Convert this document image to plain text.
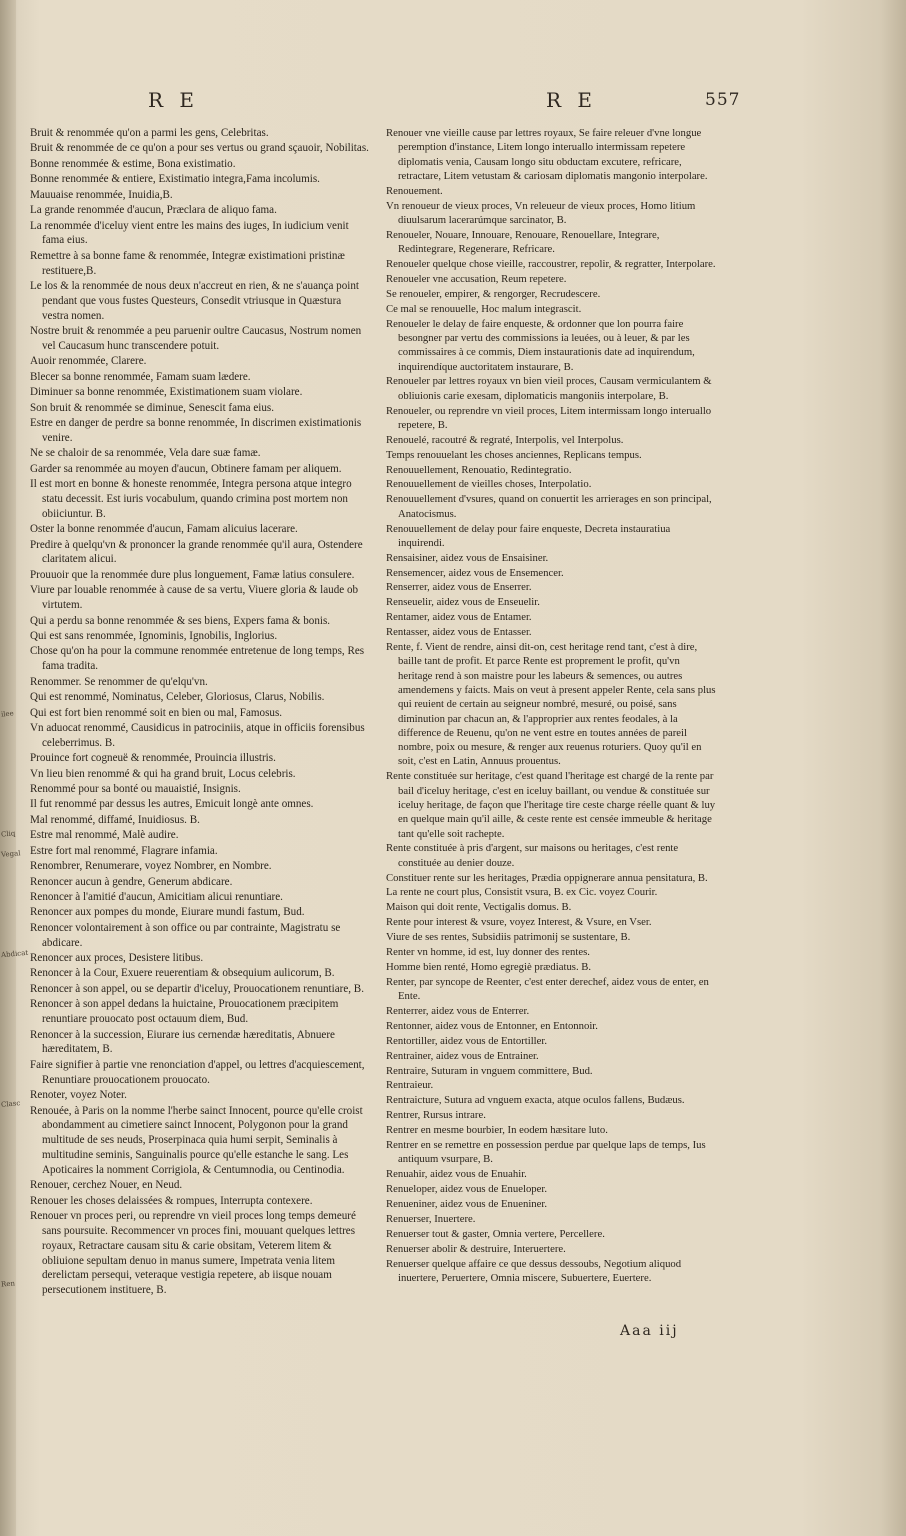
ilee
Cliq
Vegal
Abdicat
Clasc
Ren
R E	R E	557

Bruit & renommée qu'on a parmi les gens, Celebritas.

Bruit & renommée de ce qu'on a pour ses vertus ou grand sçauoir, Nobilitas.

Bonne renommée & estime, Bona existimatio.

Bonne renommée & entiere, Existimatio integra,Fama incolumis.

Mauuaise renommée, Inuidia,B.

La grande renommée d'aucun, Præclara de aliquo fama.

La renommée d'iceluy vient entre les mains des iuges, In iudicium venit fama eius.

Remettre à sa bonne fame & renommée, Integræ existimationi pristinæ restituere,B.

Le los & la renommée de nous deux n'accreut en rien, & ne s'auança point pendant que vous fustes Questeurs, Consedit vtriusque in Quæstura vestra nomen.

Nostre bruit & renommée a peu paruenir oultre Caucasus, Nostrum nomen vel Caucasum hunc transcendere potuit.

Auoir renommée, Clarere.

Blecer sa bonne renommée, Famam suam lædere.

Diminuer sa bonne renommée, Existimationem suam violare.

Son bruit & renommée se diminue, Senescit fama eius.

Estre en danger de perdre sa bonne renommée, In discrimen existimationis venire.

Ne se chaloir de sa renommée, Vela dare suæ famæ.

Garder sa renommée au moyen d'aucun, Obtinere famam per aliquem.

Il est mort en bonne & honeste renommée, Integra persona atque integro statu decessit. Est iuris vocabulum, quando crimina post mortem non obiiciuntur. B.

Oster la bonne renommée d'aucun, Famam alicuius lacerare.

Predire à quelqu'vn & prononcer la grande renommée qu'il aura, Ostendere claritatem alicui.

Prouuoir que la renommée dure plus longuement, Famæ latius consulere.

Viure par louable renommée à cause de sa vertu, Viuere gloria & laude ob virtutem.

Qui a perdu sa bonne renommée & ses biens, Expers fama & bonis.

Qui est sans renommée, Ignominis, Ignobilis, Inglorius.

Chose qu'on ha pour la commune renommée entretenue de long temps, Res fama tradita.

Renommer. Se renommer de qu'elqu'vn.

Qui est renommé, Nominatus, Celeber, Gloriosus, Clarus, Nobilis.

Qui est fort bien renommé soit en bien ou mal, Famosus.

Vn aduocat renommé, Causidicus in patrociniis, atque in officiis forensibus celeberrimus. B.

Prouince fort cogneuë & renommée, Prouincia illustris.

Vn lieu bien renommé & qui ha grand bruit, Locus celebris.

Renommé pour sa bonté ou mauaistié, Insignis.

Il fut renommé par dessus les autres, Emicuit longè ante omnes.

Mal renommé, diffamé, Inuidiosus. B.

Estre mal renommé, Malè audire.

Estre fort mal renommé, Flagrare infamia.

Renombrer, Renumerare, voyez Nombrer, en Nombre.

Renoncer aucun à gendre, Generum abdicare.

Renoncer à l'amitié d'aucun, Amicitiam alicui renuntiare.

Renoncer aux pompes du monde, Eiurare mundi fastum, Bud.

Renoncer volontairement à son office ou par contrainte, Magistratu se abdicare.

Renoncer aux proces, Desistere litibus.

Renoncer à la Cour, Exuere reuerentiam & obsequium aulicorum, B.

Renoncer à son appel, ou se departir d'iceluy, Prouocationem renuntiare, B.

Renoncer à son appel dedans la huictaine, Prouocationem præcipitem renuntiare prouocato post octauum diem, Bud.

Renoncer à la succession, Eiurare ius cernendæ hæreditatis, Abnuere hæreditatem, B.

Faire signifier à partie vne renonciation d'appel, ou lettres d'acquiescement, Renuntiare prouocationem prouocato.

Renoter, voyez Noter.

Renouée, à Paris on la nomme l'herbe sainct Innocent, pource qu'elle croist abondamment au cimetiere sainct Innocent, Polygonon pour la grand multitude de ses neuds, Proserpinaca quia humi serpit, Seminalis à multitudine seminis, Sanguinalis pource qu'elle estanche le sang. Les Apoticaires la nomment Corrigiola, & Centumnodia, ou Centinodia.

Renouer, cerchez Nouer, en Neud.

Renouer les choses delaissées & rompues, Interrupta contexere.

Renouer vn proces peri, ou reprendre vn vieil proces long temps demeuré sans poursuite. Recommencer vn proces fini, mouuant quelques lettres royaux, Retractare causam situ & carie obsitam, Veterem litem & obliuione sepultam denuo in manus sumere, Impetrata venia litem derelictam persequi, veteraque vestigia repetere, ab iisque nouam persecutionem instituere, B.

Renouer vne vieille cause par lettres royaux, Se faire releuer d'vne longue peremption d'instance, Litem longo interuallo intermissam repetere diplomatis venia, Causam longo situ obductam excutere, refricare, retractare, Litem vetustam & cariosam diplomatis mangonio interpolare.

Renouement.

Vn renoueur de vieux proces, Vn releueur de vieux proces, Homo litium diuulsarum lacerarúmque sarcinator, B.

Renoueler, Nouare, Innouare, Renouare, Renouellare, Integrare, Redintegrare, Regenerare, Refricare.

Renoueler quelque chose vieille, raccoustrer, repolir, & regratter, Interpolare.

Renoueler vne accusation, Reum repetere.

Se renoueler, empirer, & rengorger, Recrudescere.

Ce mal se renouuelle, Hoc malum integrascit.

Renoueler le delay de faire enqueste, & ordonner que lon pourra faire besongner par vertu des commissions ia leuées, ou à leuer, & par les commissaires à ce commis, Diem instaurationis date ad inquirendum, inquirendíque auctoritatem instaurare, B.

Renoueler par lettres royaux vn bien vieil proces, Causam vermiculantem & obliuionis carie exesam, diplomaticis mangoniis interpolare, B.

Renoueler, ou reprendre vn vieil proces, Litem intermissam longo interuallo repetere, B.

Renouelé, racoutré & regraté, Interpolis, vel Interpolus.

Temps renouuelant les choses anciennes, Replicans tempus.

Renouuellement, Renouatio, Redintegratio.

Renouuellement de vieilles choses, Interpolatio.

Renouuellement d'vsures, quand on conuertit les arrierages en son principal, Anatocismus.

Renouuellement de delay pour faire enqueste, Decreta instauratiua inquirendi.

Rensaisiner, aidez vous de Ensaisiner.

Rensemencer, aidez vous de Ensemencer.

Renserrer, aidez vous de Enserrer.

Renseuelir, aidez vous de Enseuelir.

Rentamer, aidez vous de Entamer.

Rentasser, aidez vous de Entasser.

Rente, f. Vient de rendre, ainsi dit-on, cest heritage rend tant, c'est à dire, baille tant de profit. Et parce Rente est proprement le profit, qu'vn heritage rend à son maistre pour les labeurs & semences, ou autres amendemens y faicts. Mais on veut à present appeler Rente, cela sans plus qui reuient de certain au seigneur nombré, mesuré, ou poisé, sans diminution par chacun an, & l'approprier aux rentes feodales, à la difference de Reuenu, qu'on ne vent estre en toutes années de pareil nombre, poix ou mesure, & renger aux reuenus roturiers. Quoy qu'il en soit, c'est en Latin, Annuus prouentus.

Rente constituée sur heritage, c'est quand l'heritage est chargé de la rente par bail d'iceluy heritage, c'est en iceluy baillant, ou vendue & constituée sur iceluy heritage, de façon que l'heritage tire ceste charge réelle quant & luy en quelque main qu'il aille, & ceste rente est censée immeuble & heritage tant qu'elle soit rachepte.

Rente constituée à pris d'argent, sur maisons ou heritages, c'est rente constituée au denier douze.

Constituer rente sur les heritages, Prædia oppignerare annua pensitatura, B.

La rente ne court plus, Consistit vsura, B. ex Cic. voyez Courir.

Maison qui doit rente, Vectigalis domus. B.

Rente pour interest & vsure, voyez Interest, & Vsure, en Vser.

Viure de ses rentes, Subsidiis patrimonij se sustentare, B.

Renter vn homme, id est, luy donner des rentes.

Homme bien renté, Homo egregiè prædiatus. B.

Renter, par syncope de Reenter, c'est enter derechef, aidez vous de enter, en Ente.

Renterrer, aidez vous de Enterrer.

Rentonner, aidez vous de Entonner, en Entonnoir.

Rentortiller, aidez vous de Entortiller.

Rentrainer, aidez vous de Entrainer.

Rentraire, Suturam in vnguem committere, Bud.

Rentraieur.

Rentraicture, Sutura ad vnguem exacta, atque oculos fallens, Budæus.

Rentrer, Rursus intrare.

Rentrer en mesme bourbier, In eodem hæsitare luto.

Rentrer en se remettre en possession perdue par quelque laps de temps, Ius antiquum vsurpare, B.

Renuahir, aidez vous de Enuahir.

Renueloper, aidez vous de Enueloper.

Renueniner, aidez vous de Enueniner.

Renuerser, Inuertere.

Renuerser tout & gaster, Omnia vertere, Percellere.

Renuerser abolir & destruire, Interuertere.

Renuerser quelque affaire ce que dessus dessoubs, Negotium aliquod inuertere, Peruertere, Omnia miscere, Subuertere, Euertere.

Aaa iij
